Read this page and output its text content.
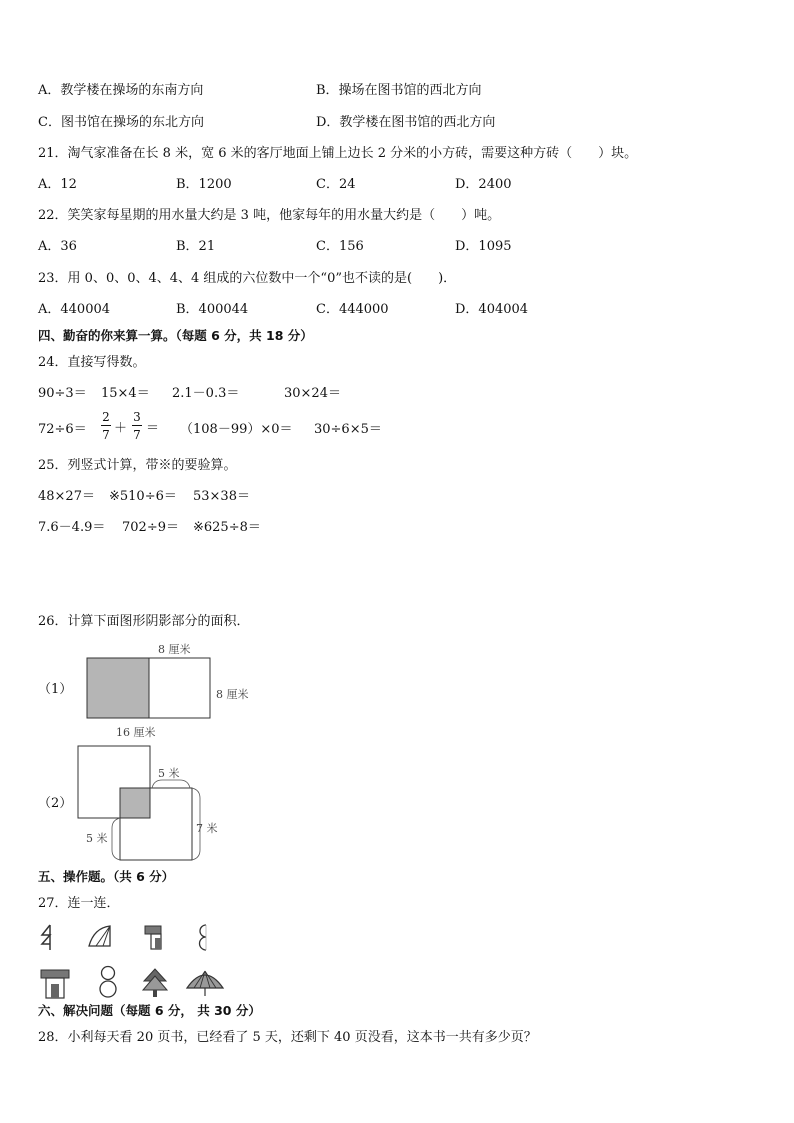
A．教学楼在操场的东南方向	B．操场在图书馆的西北方向
C．图书馆在操场的东北方向	D．教学楼在图书馆的西北方向
21．淘气家准备在长 8 米，宽 6 米的客厅地面上铺上边长 2 分米的小方砖，需要这种方砖（　　）块。
A．12	B．1200	C．24	D．2400
22．笑笑家每星期的用水量大约是 3 吨，他家每年的用水量大约是（　　）吨。
A．36	B．21	C．156	D．1095
23．用 0、0、0、4、4、4 组成的六位数中一个“0”也不读的是(　　)．
A．440004	B．400044	C．444000	D．404004
四、勤奋的你来算一算。（每题 6 分，共 18 分）
24．直接写得数。
90÷3＝ 15×4＝ 2.1－0.3＝	30×24＝
72÷6＝
2
7 ＋
3
7 ＝ （108－99）×0＝ 30÷6×5＝
25．列竖式计算，带※的要验算。
48×27＝ ※510÷6＝ 53×38＝
7.6－4.9＝ 702÷9＝ ※625÷8＝
26．计算下面图形阴影部分的面积．
（1）
8 厘米
8 厘米
16 厘米
（2）
5 米
5 米
7 米
五、操作题。（共 6 分）
27．连一连．
六、解决问题（每题 6 分， 共 30 分）
28．小利每天看 20 页书，已经看了 5 天，还剩下 40 页没看，这本书一共有多少页？
